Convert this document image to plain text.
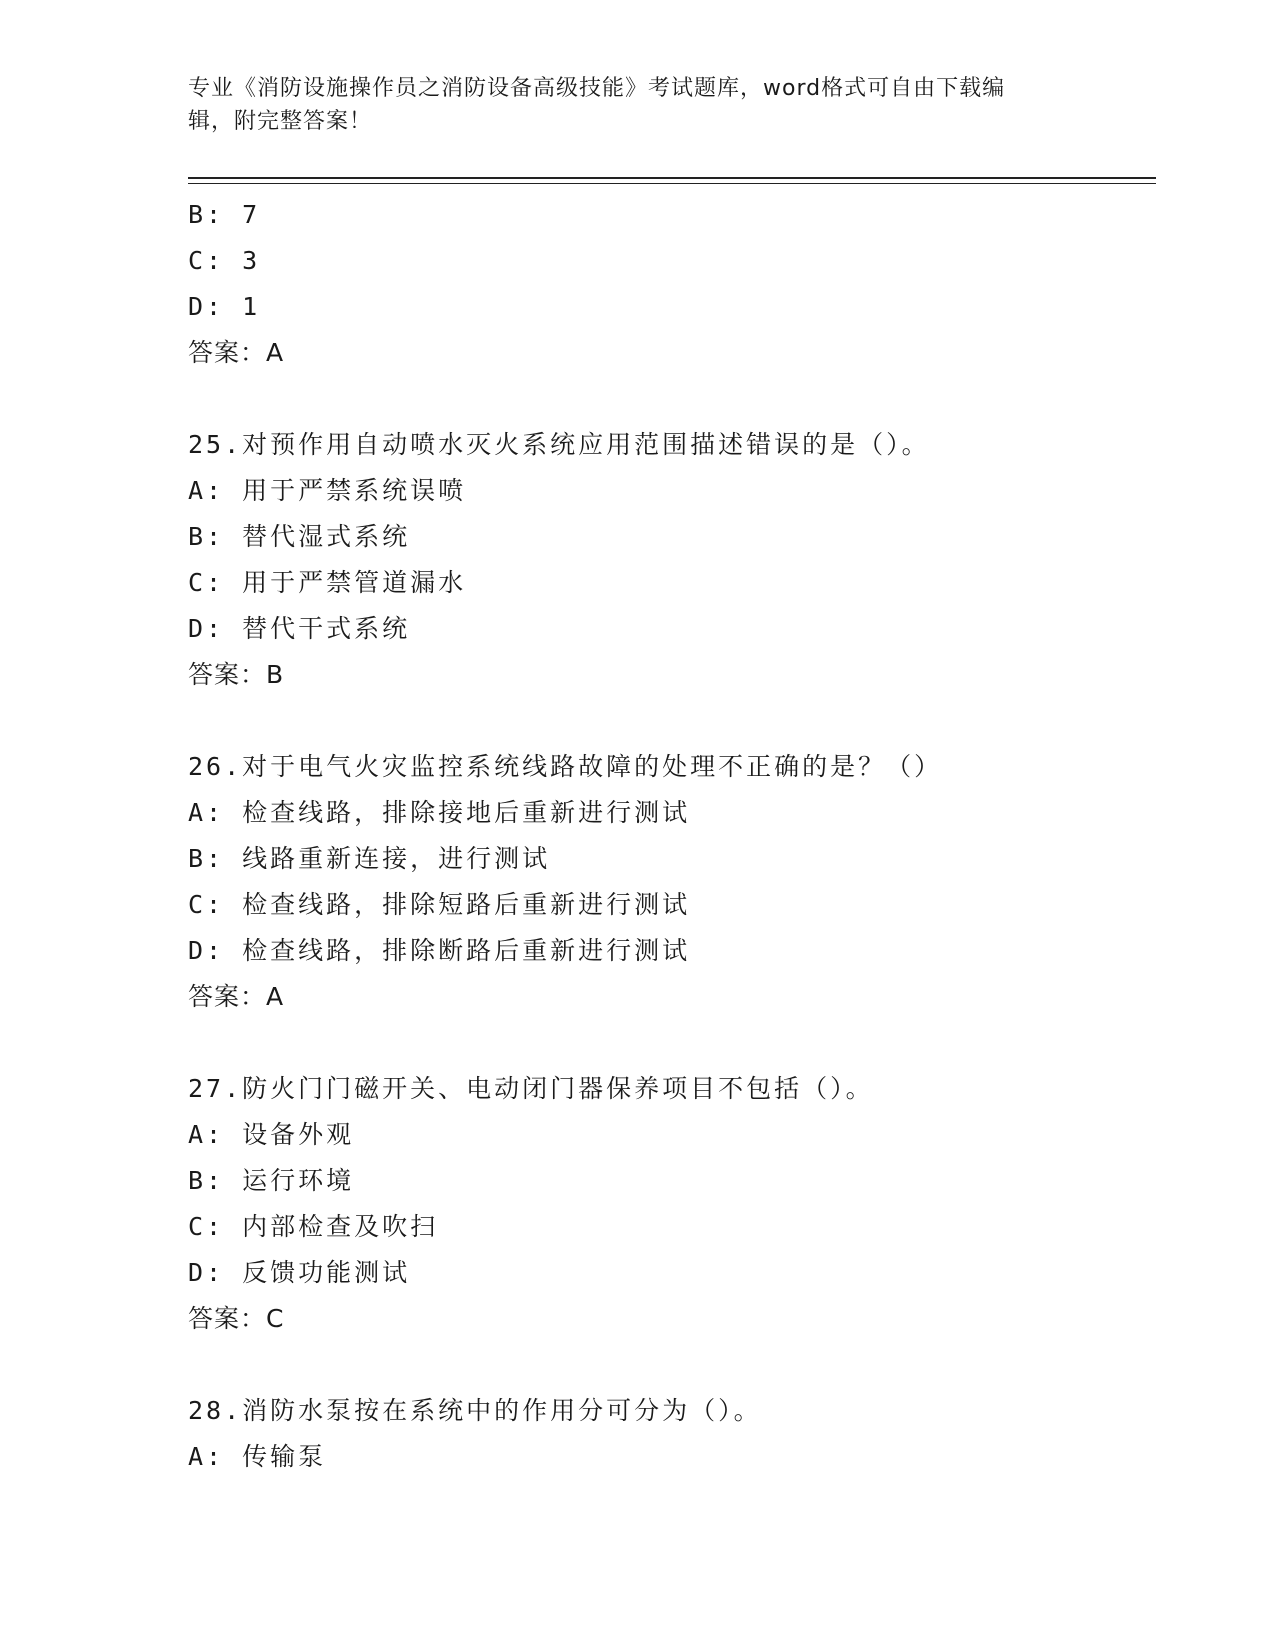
专业《消防设施操作员之消防设备高级技能》考试题库，word格式可自由下载编
辑，附完整答案！
B: 7
C: 3
D: 1
答案：A
25.对预作用自动喷水灭火系统应用范围描述错误的是（）。
A: 用于严禁系统误喷
B: 替代湿式系统
C: 用于严禁管道漏水
D: 替代干式系统
答案：B
26.对于电气火灾监控系统线路故障的处理不正确的是？（）
A: 检查线路，排除接地后重新进行测试
B: 线路重新连接，进行测试
C: 检查线路，排除短路后重新进行测试
D: 检查线路，排除断路后重新进行测试
答案：A
27.防火门门磁开关、电动闭门器保养项目不包括（）。
A: 设备外观
B: 运行环境
C: 内部检查及吹扫
D: 反馈功能测试
答案：C
28.消防水泵按在系统中的作用分可分为（）。
A: 传输泵
